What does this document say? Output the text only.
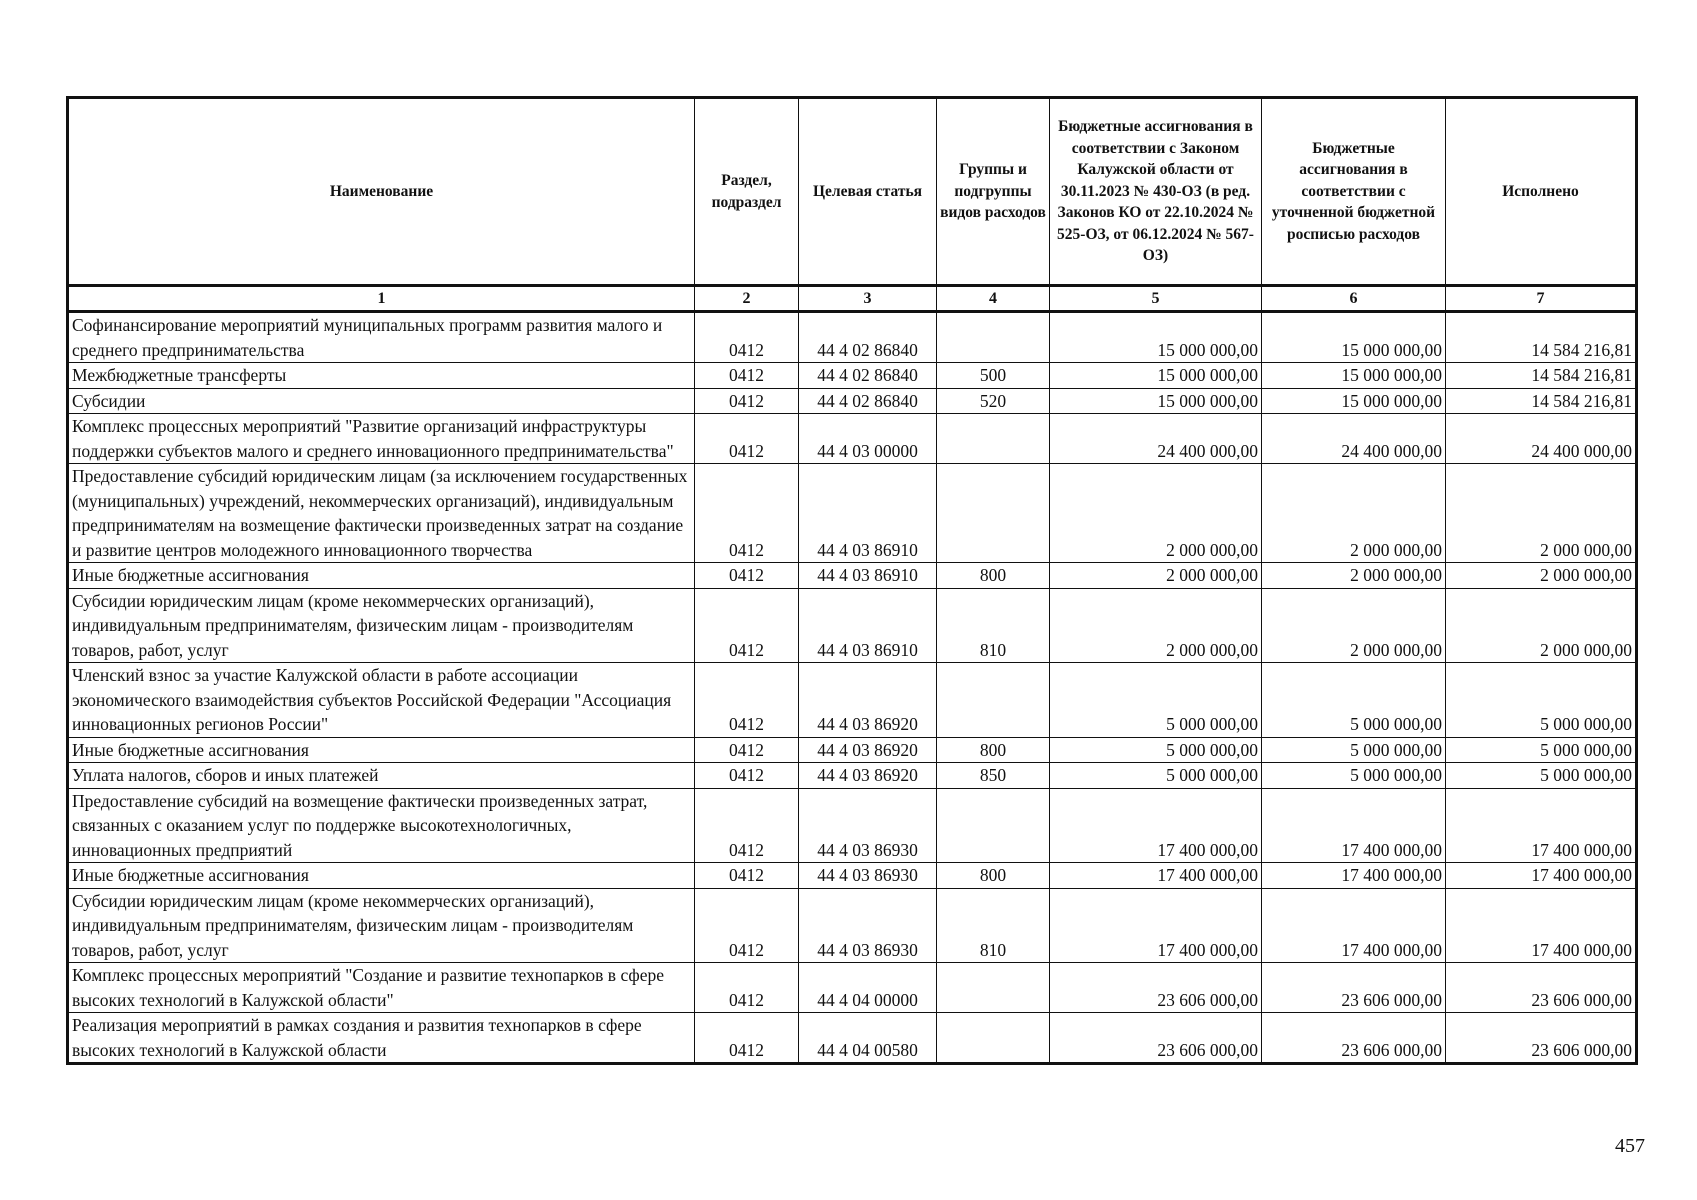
Наименование	Раздел, подраздел	Целевая статья	Группы и подгруппы видов расходов	Бюджетные ассигнования в соответствии с Законом Калужской области от 30.11.2023 № 430-ОЗ (в ред. Законов КО от 22.10.2024 № 525-ОЗ, от 06.12.2024 № 567-ОЗ)	Бюджетные ассигнования в соответствии с уточненной бюджетной росписью расходов	Исполнено
1	2	3	4	5	6	7
Софинансирование мероприятий муниципальных программ развития малого и среднего предпринимательства	0412	44 4 02 86840		15 000 000,00	15 000 000,00	14 584 216,81
Межбюджетные трансферты	0412	44 4 02 86840	500	15 000 000,00	15 000 000,00	14 584 216,81
Субсидии	0412	44 4 02 86840	520	15 000 000,00	15 000 000,00	14 584 216,81
Комплекс процессных мероприятий "Развитие организаций инфраструктуры поддержки субъектов малого и среднего инновационного предпринимательства"	0412	44 4 03 00000		24 400 000,00	24 400 000,00	24 400 000,00
Предоставление субсидий юридическим лицам (за исключением государственных (муниципальных) учреждений, некоммерческих организаций), индивидуальным предпринимателям на возмещение фактически произведенных затрат на создание и развитие центров молодежного инновационного творчества	0412	44 4 03 86910		2 000 000,00	2 000 000,00	2 000 000,00
Иные бюджетные ассигнования	0412	44 4 03 86910	800	2 000 000,00	2 000 000,00	2 000 000,00
Субсидии юридическим лицам (кроме некоммерческих организаций), индивидуальным предпринимателям, физическим лицам - производителям товаров, работ, услуг	0412	44 4 03 86910	810	2 000 000,00	2 000 000,00	2 000 000,00
Членский взнос за участие Калужской области в работе ассоциации экономического взаимодействия субъектов Российской Федерации "Ассоциация инновационных регионов России"	0412	44 4 03 86920		5 000 000,00	5 000 000,00	5 000 000,00
Иные бюджетные ассигнования	0412	44 4 03 86920	800	5 000 000,00	5 000 000,00	5 000 000,00
Уплата налогов, сборов и иных платежей	0412	44 4 03 86920	850	5 000 000,00	5 000 000,00	5 000 000,00
Предоставление субсидий на возмещение фактически произведенных затрат, связанных с оказанием услуг по поддержке высокотехнологичных, инновационных предприятий	0412	44 4 03 86930		17 400 000,00	17 400 000,00	17 400 000,00
Иные бюджетные ассигнования	0412	44 4 03 86930	800	17 400 000,00	17 400 000,00	17 400 000,00
Субсидии юридическим лицам (кроме некоммерческих организаций), индивидуальным предпринимателям, физическим лицам - производителям товаров, работ, услуг	0412	44 4 03 86930	810	17 400 000,00	17 400 000,00	17 400 000,00
Комплекс процессных мероприятий "Создание и развитие технопарков в сфере высоких технологий в Калужской области"	0412	44 4 04 00000		23 606 000,00	23 606 000,00	23 606 000,00
Реализация мероприятий в рамках создания и развития технопарков в сфере высоких технологий в Калужской области	0412	44 4 04 00580		23 606 000,00	23 606 000,00	23 606 000,00
457
